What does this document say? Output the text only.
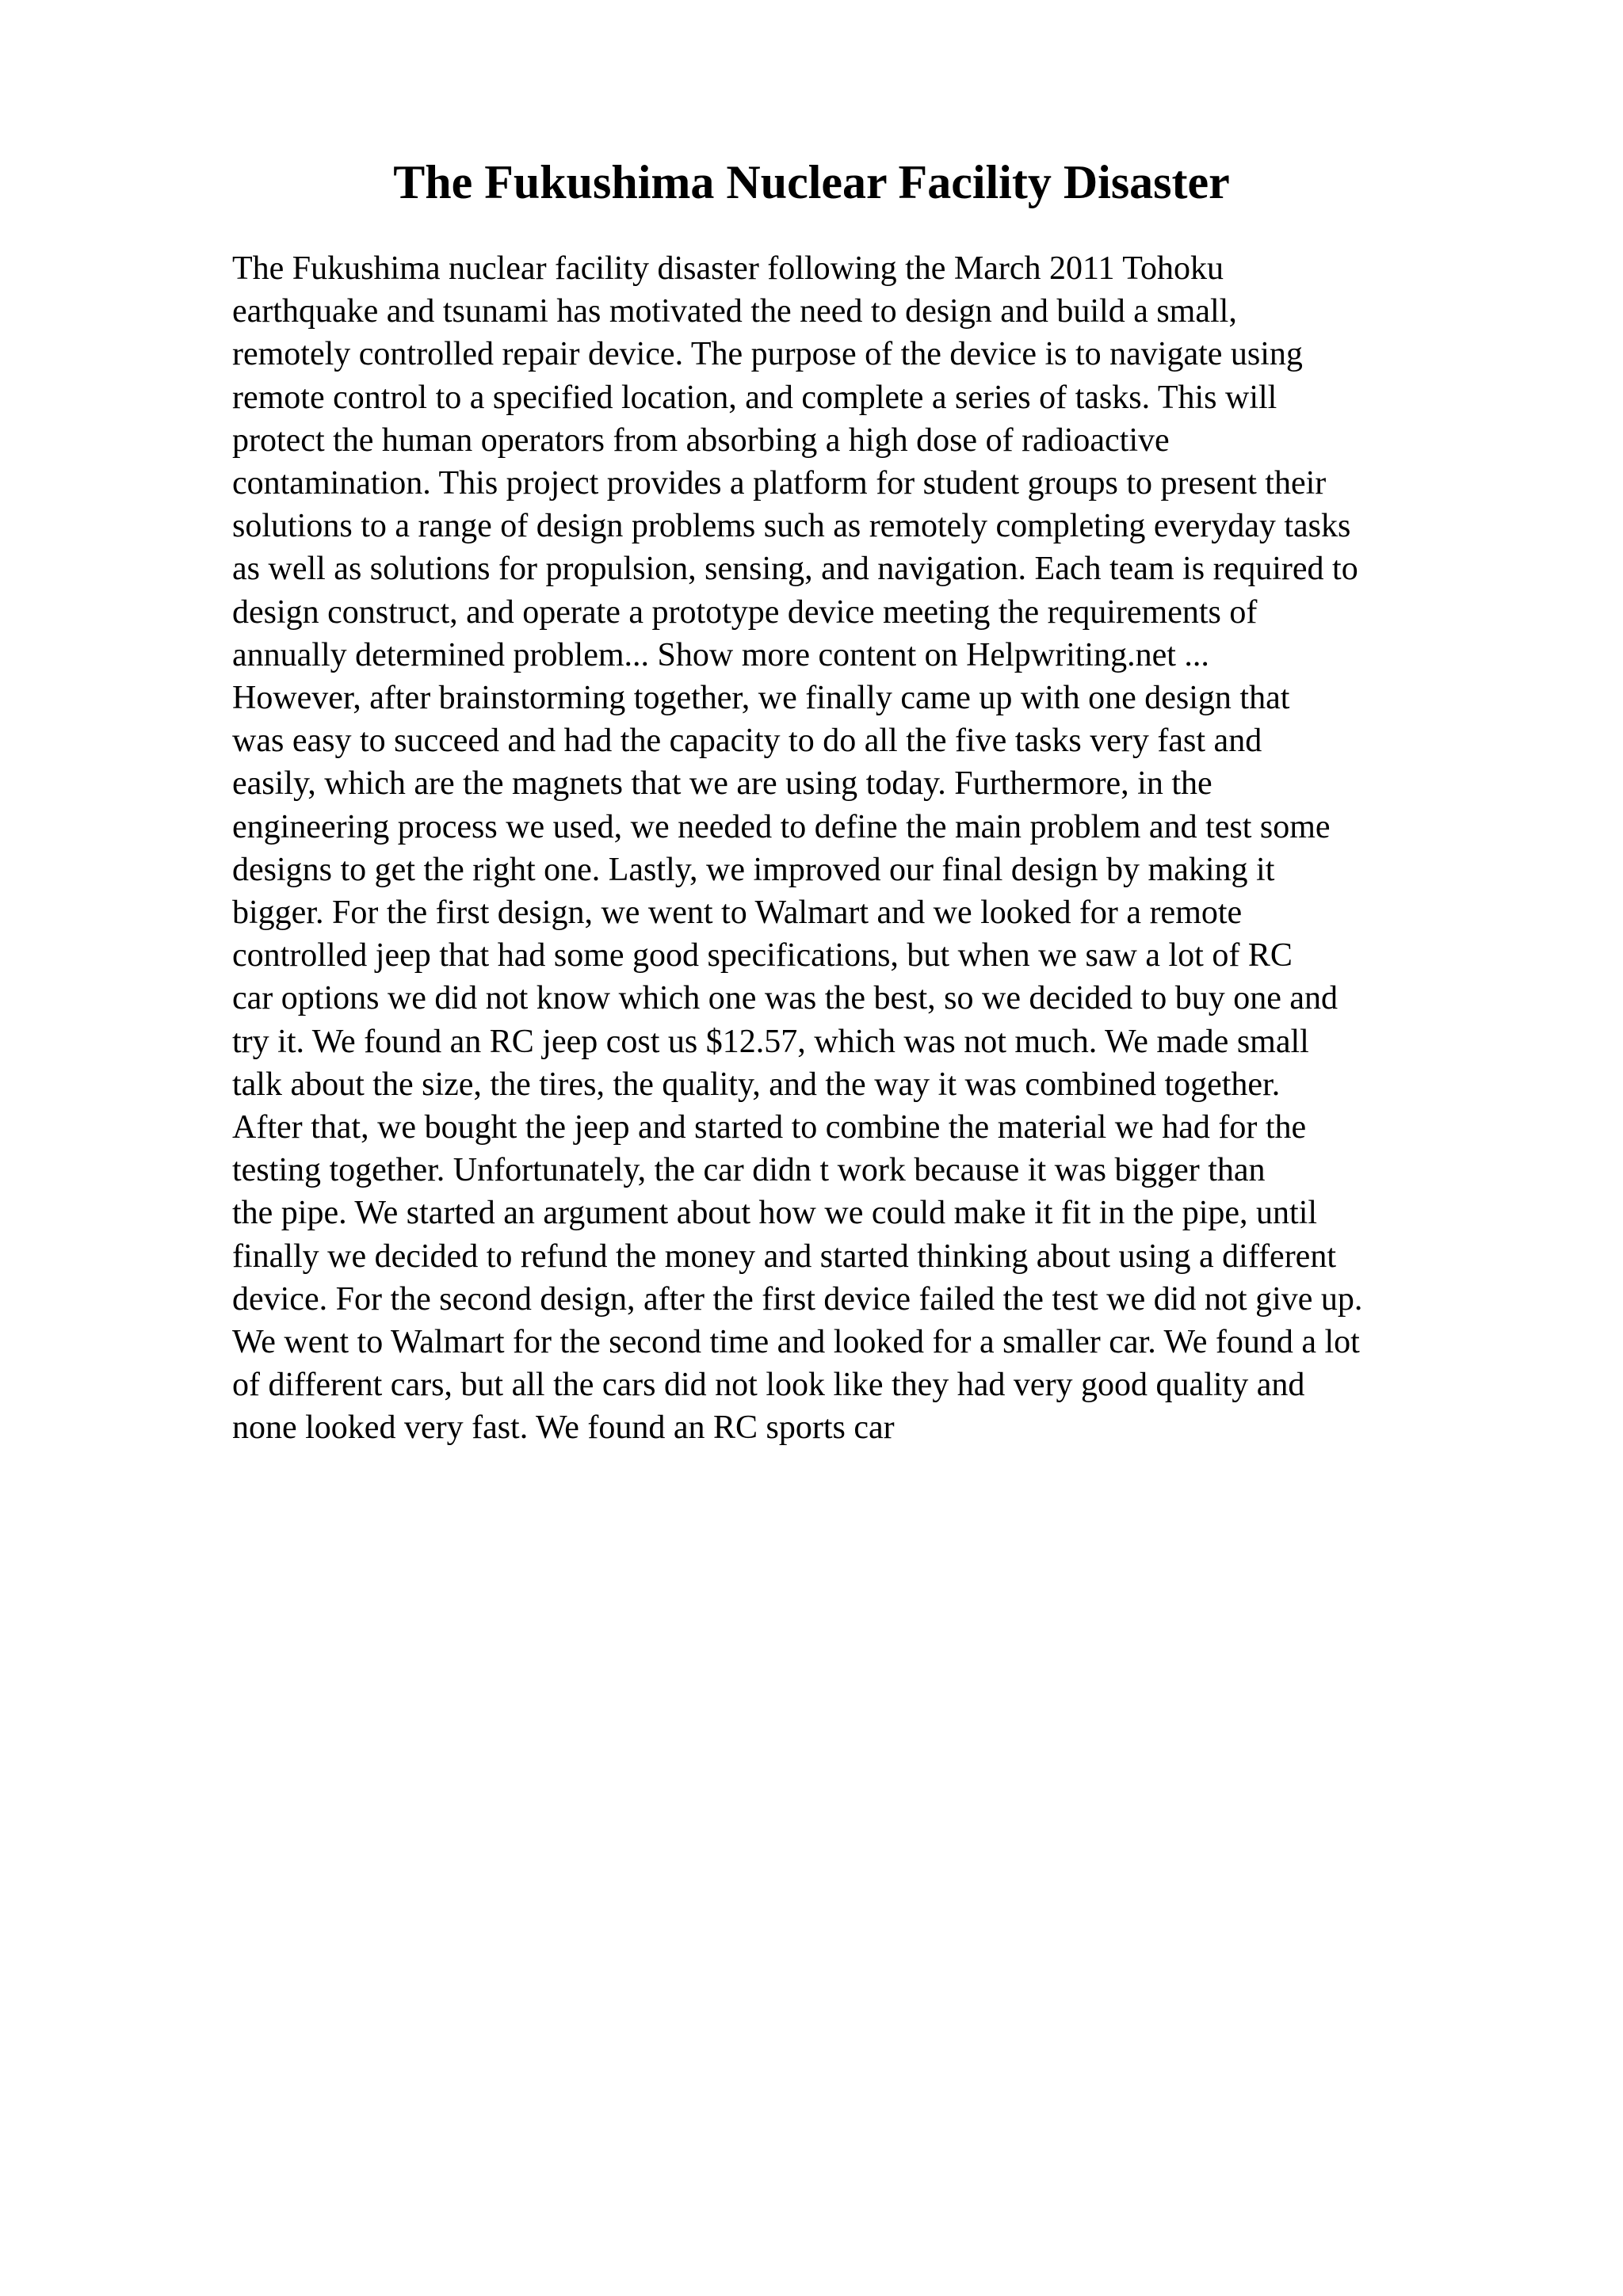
The Fukushima Nuclear Facility Disaster
The Fukushima nuclear facility disaster following the March 2011 Tohoku
earthquake and tsunami has motivated the need to design and build a small,
remotely controlled repair device. The purpose of the device is to navigate using
remote control to a specified location, and complete a series of tasks. This will
protect the human operators from absorbing a high dose of radioactive
contamination. This project provides a platform for student groups to present their
solutions to a range of design problems such as remotely completing everyday tasks
as well as solutions for propulsion, sensing, and navigation. Each team is required to
design construct, and operate a prototype device meeting the requirements of
annually determined problem... Show more content on Helpwriting.net ...
However, after brainstorming together, we finally came up with one design that
was easy to succeed and had the capacity to do all the five tasks very fast and
easily, which are the magnets that we are using today. Furthermore, in the
engineering process we used, we needed to define the main problem and test some
designs to get the right one. Lastly, we improved our final design by making it
bigger. For the first design, we went to Walmart and we looked for a remote
controlled jeep that had some good specifications, but when we saw a lot of RC
car options we did not know which one was the best, so we decided to buy one and
try it. We found an RC jeep cost us $12.57, which was not much. We made small
talk about the size, the tires, the quality, and the way it was combined together.
After that, we bought the jeep and started to combine the material we had for the
testing together. Unfortunately, the car didn t work because it was bigger than
the pipe. We started an argument about how we could make it fit in the pipe, until
finally we decided to refund the money and started thinking about using a different
device. For the second design, after the first device failed the test we did not give up.
We went to Walmart for the second time and looked for a smaller car. We found a lot
of different cars, but all the cars did not look like they had very good quality and
none looked very fast. We found an RC sports car
